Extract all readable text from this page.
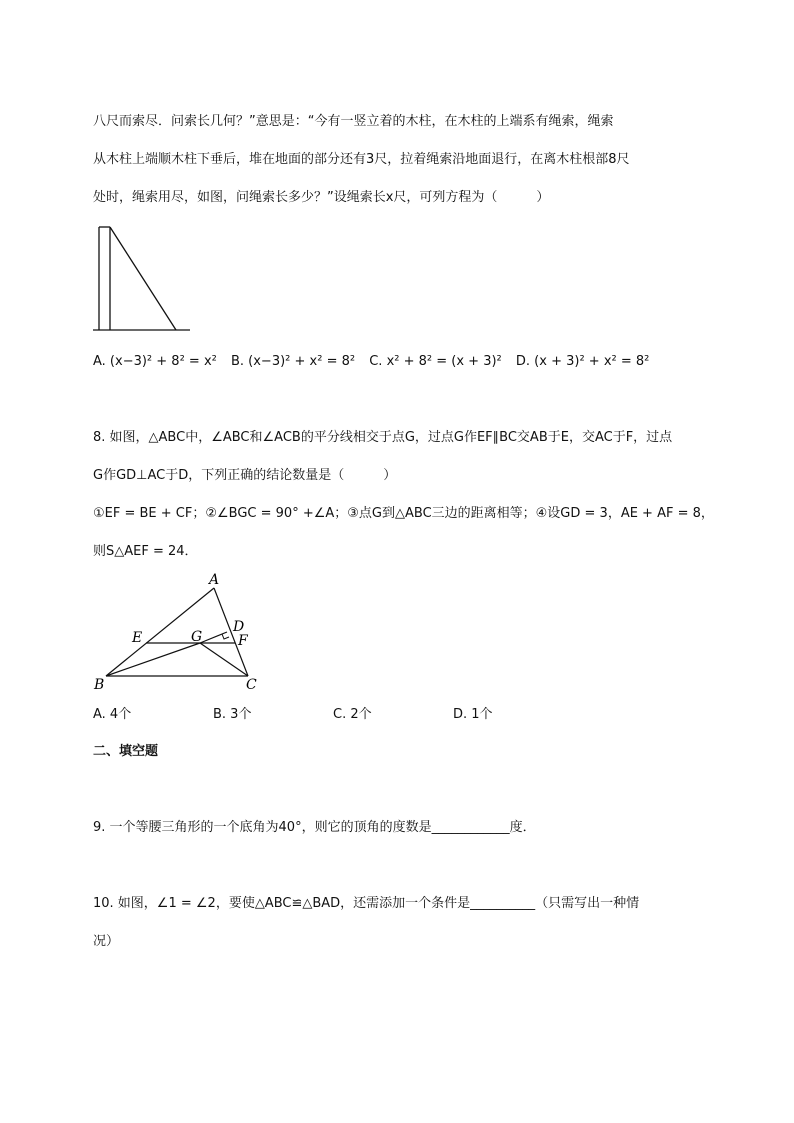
八尺而索尽．问索长几何？”意思是：“今有一竖立着的木柱，在木柱的上端系有绳索，绳索
从木柱上端顺木柱下垂后，堆在地面的部分还有3尺，拉着绳索沿地面退行，在离木柱根部8尺
处时，绳索用尽，如图，问绳索长多少？”设绳索长x尺，可列方程为（　　　）
A. (x−3)² + 8² = x² B. (x−3)² + x² = 8² C. x² + 8² = (x + 3)² D. (x + 3)² + x² = 8²
8. 如图，△ABC中，∠ABC和∠ACB的平分线相交于点G，过点G作EF∥BC交AB于E，交AC于F，过点
G作GD⊥AC于D，下列正确的结论数量是（　　　）
①EF = BE + CF；②∠BGC = 90° +∠A；③点G到△ABC三边的距离相等；④设GD = 3，AE + AF = 8，
则S△AEF = 24．
A
B	C
D
E	F
G
A. 4个	B. 3个	C. 2个	D. 1个
二、填空题
9. 一个等腰三角形的一个底角为40°，则它的顶角的度数是____________度．
10. 如图，∠1 = ∠2，要使△ABC≌△BAD，还需添加一个条件是__________（只需写出一种情
况）
